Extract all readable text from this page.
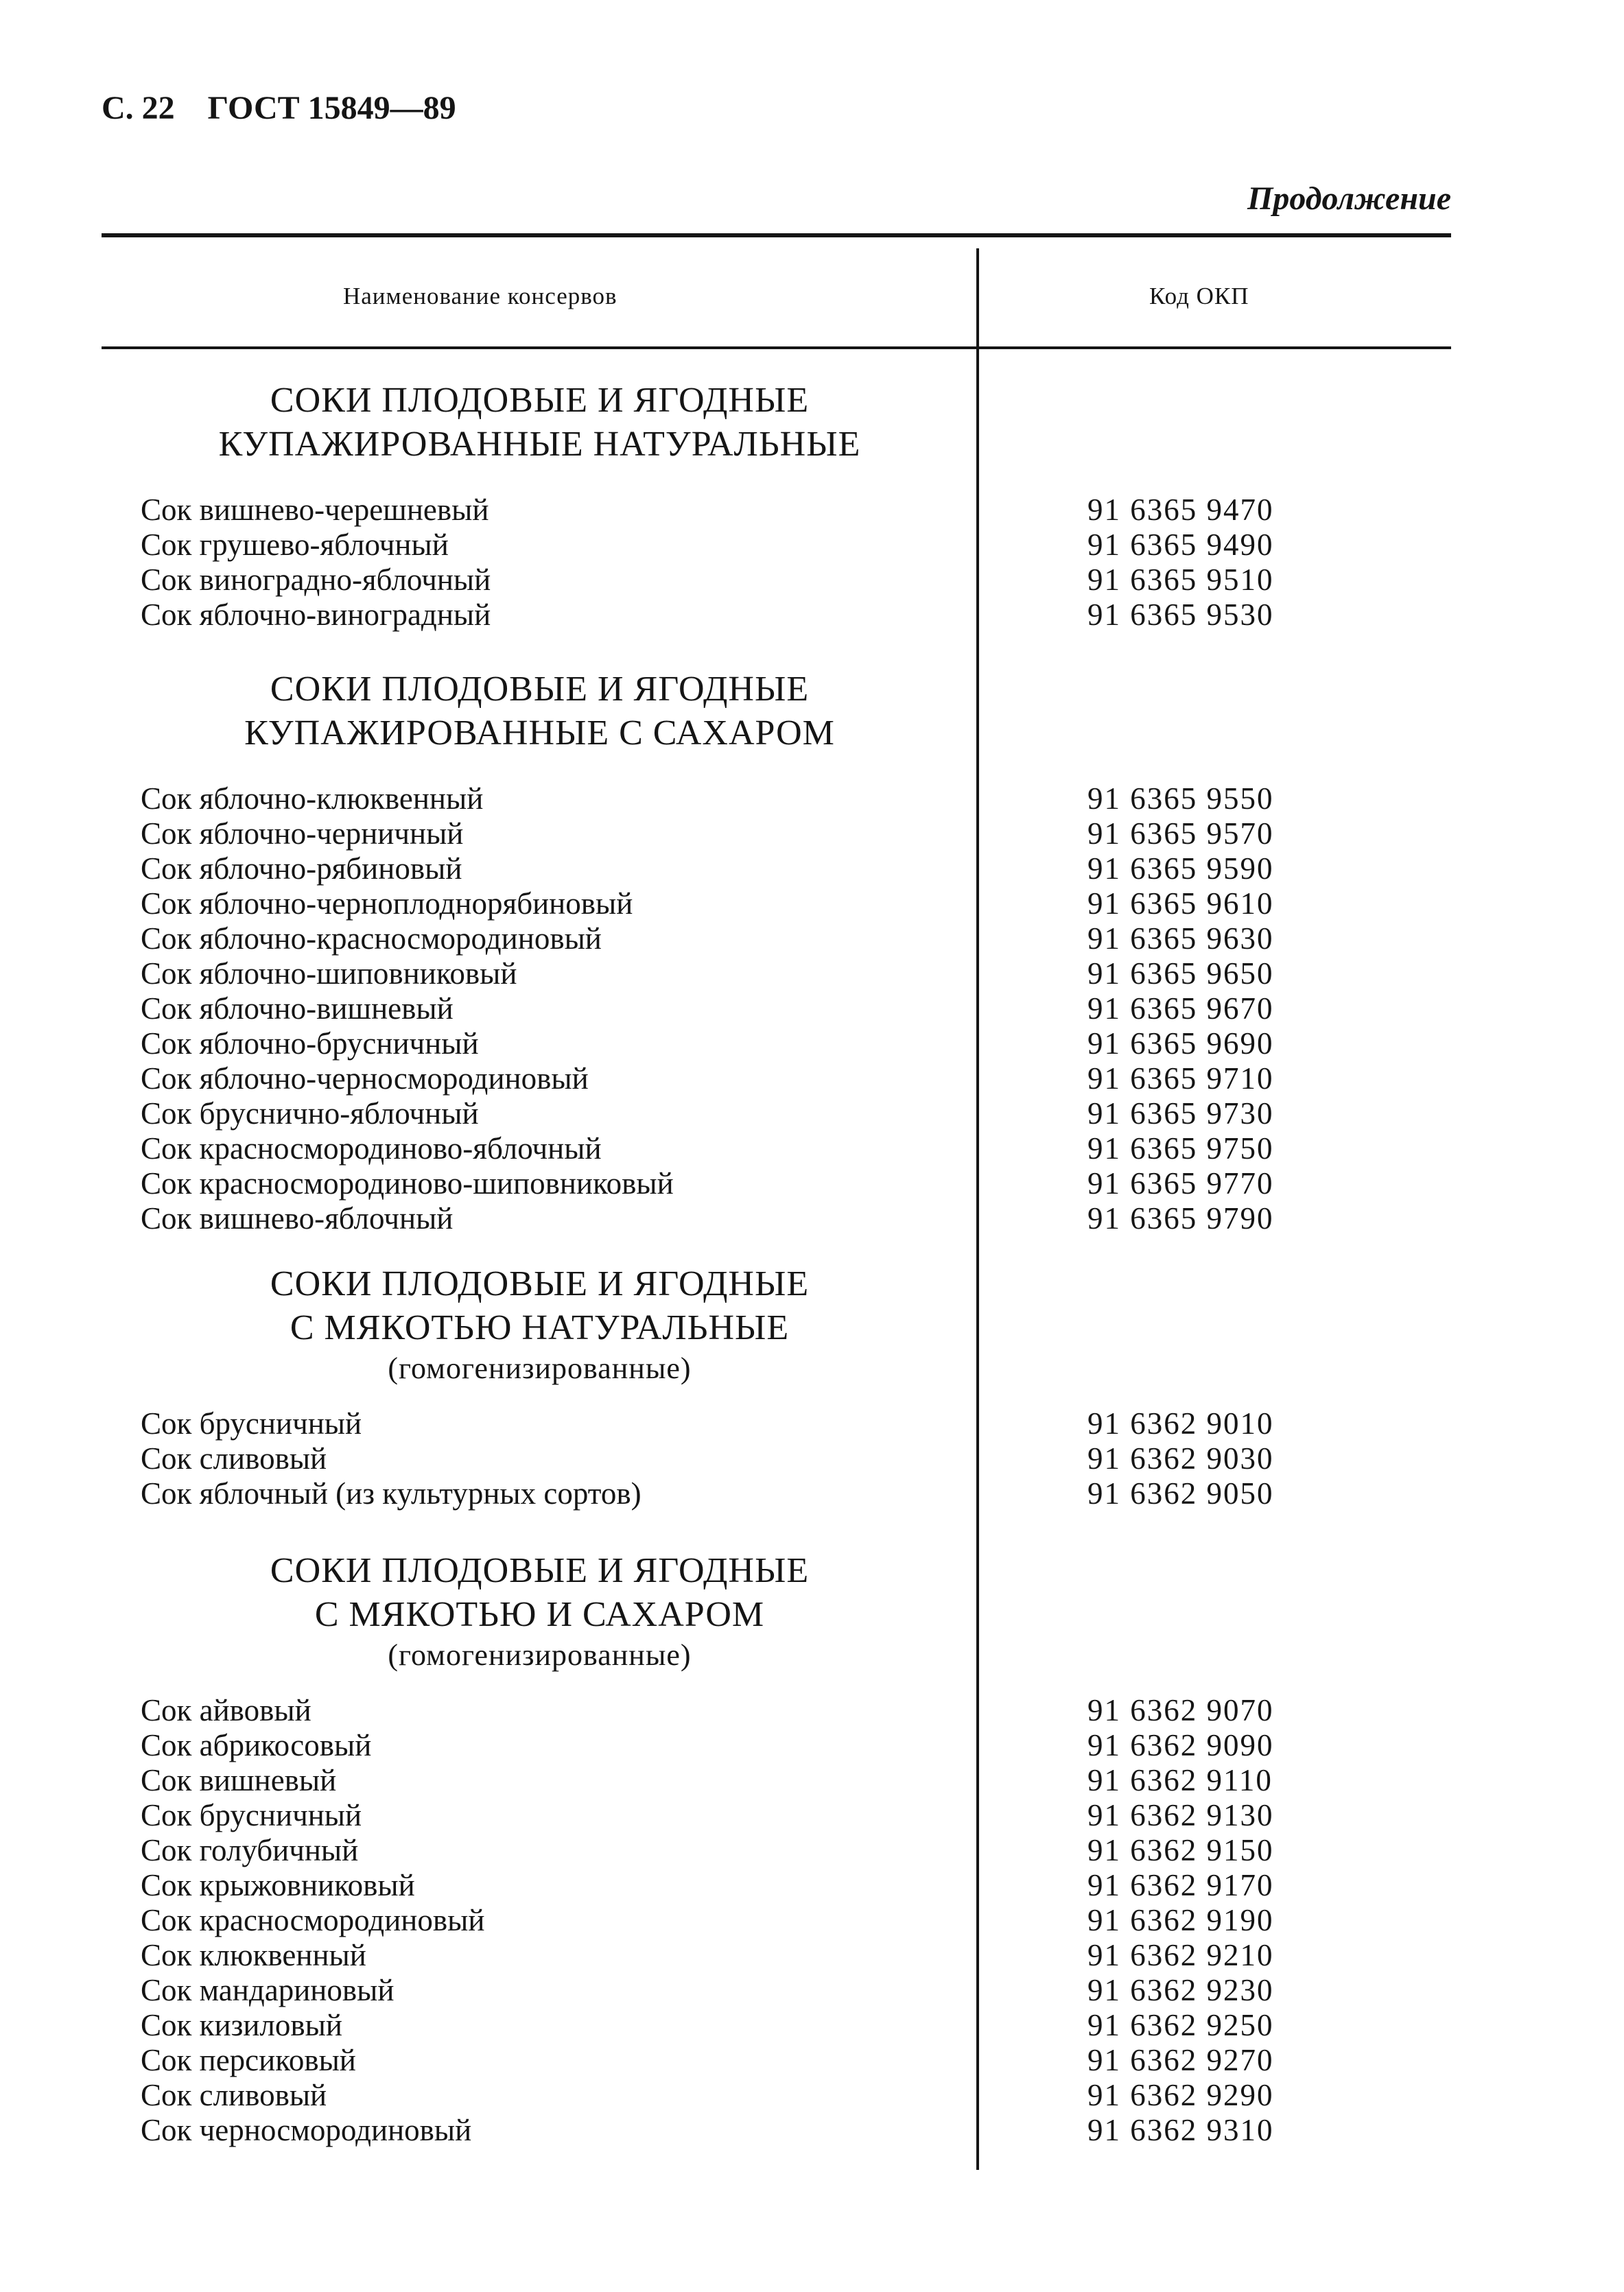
С. 22 ГОСТ 15849—89
Продолжение
Наименование консервов	Код ОКП
СОКИ ПЛОДОВЫЕ И ЯГОДНЫЕ
КУПАЖИРОВАННЫЕ НАТУРАЛЬНЫЕ
Сок вишнево-черешневый	91 6365 9470
Сок грушево-яблочный	91 6365 9490
Сок виноградно-яблочный	91 6365 9510
Сок яблочно-виноградный	91 6365 9530
СОКИ ПЛОДОВЫЕ И ЯГОДНЫЕ
КУПАЖИРОВАННЫЕ С САХАРОМ
Сок яблочно-клюквенный	91 6365 9550
Сок яблочно-черничный	91 6365 9570
Сок яблочно-рябиновый	91 6365 9590
Сок яблочно-черноплоднорябиновый	91 6365 9610
Сок яблочно-красносмородиновый	91 6365 9630
Сок яблочно-шиповниковый	91 6365 9650
Сок яблочно-вишневый	91 6365 9670
Сок яблочно-брусничный	91 6365 9690
Сок яблочно-черносмородиновый	91 6365 9710
Сок бруснично-яблочный	91 6365 9730
Сок красносмородиново-яблочный	91 6365 9750
Сок красносмородиново-шиповниковый	91 6365 9770
Сок вишнево-яблочный	91 6365 9790
СОКИ ПЛОДОВЫЕ И ЯГОДНЫЕ
С МЯКОТЬЮ НАТУРАЛЬНЫЕ
(гомогенизированные)
Сок брусничный	91 6362 9010
Сок сливовый	91 6362 9030
Сок яблочный (из культурных сортов)	91 6362 9050
СОКИ ПЛОДОВЫЕ И ЯГОДНЫЕ
С МЯКОТЬЮ И САХАРОМ
(гомогенизированные)
Сок айвовый	91 6362 9070
Сок абрикосовый	91 6362 9090
Сок вишневый	91 6362 9110
Сок брусничный	91 6362 9130
Сок голубичный	91 6362 9150
Сок крыжовниковый	91 6362 9170
Сок красносмородиновый	91 6362 9190
Сок клюквенный	91 6362 9210
Сок мандариновый	91 6362 9230
Сок кизиловый	91 6362 9250
Сок персиковый	91 6362 9270
Сок сливовый	91 6362 9290
Сок черносмородиновый	91 6362 9310
